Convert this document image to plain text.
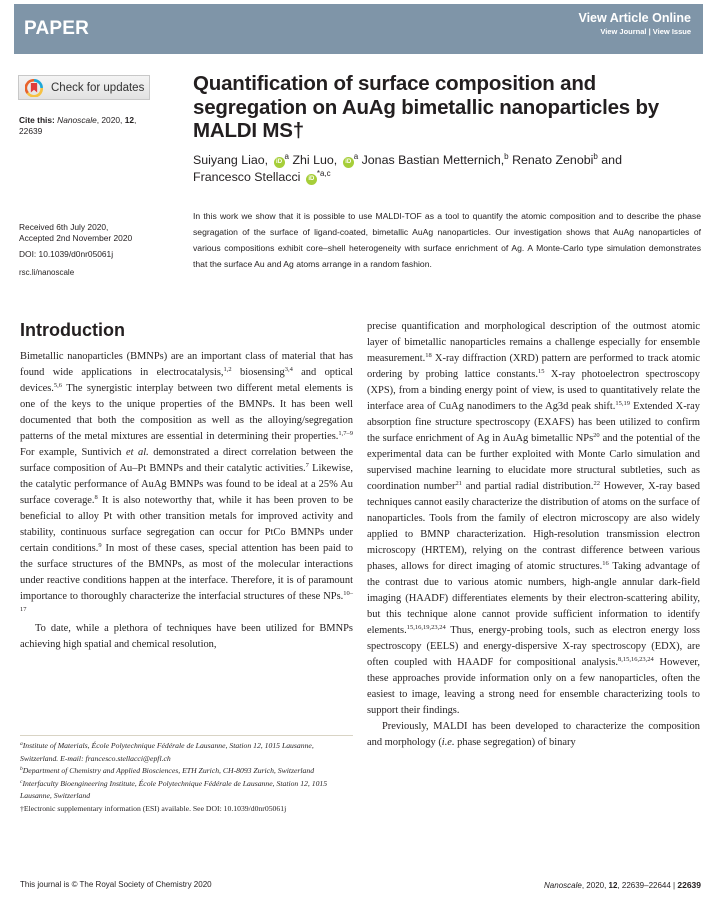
PAPER	View Article Online
View Journal | View Issue
Check for updates
Cite this: Nanoscale, 2020, 12,
22639
Quantification of surface composition and segregation on AuAg bimetallic nanoparticles by MALDI MS†
Suiyang Liao, $iD^a$ Zhi Luo, $iD^a$ Jonas Bastian Metternich,$^b$ Renato Zenobi$^b$ and
Francesco Stellacci iD$^{*a,c}$
Received 6th July 2020,
Accepted 2nd November 2020
DOI: 10.1039/d0nr05061j
rsc.li/nanoscale

In this work we show that it is possible to use MALDI-TOF as a tool to quantify the atomic composition and to describe the phase segragation of the surface of ligand-coated, bimetallic AuAg nanoparticles. Our investigation shows that AuAg nanoparticles of various compositions exhibit core–shell heterogeneity with surface enrichment of Ag. A Monte-Carlo type simulation demonstrates that the surface Au and Ag atoms arrange in a random fashion.

Introduction

Bimetallic nanoparticles (BMNPs) are an important class of material that has found wide applications in electrocatalysis,$^{1,2}$ biosensing$^{3,4}$ and optical devices.$^{5,6}$ The synergistic interplay between two different metal elements is one of the keys to the unique properties of the BMNPs. It has been well documented that both the composition as well as the alloying/segregation patterns of the metal mixtures are essential in determining their properties.$^{1,7-9}$ For example, Suntivich et al. demonstrated a direct correlation between the surface composition of Au–Pt BMNPs and their catalytic activities.$^7$ Likewise, the catalytic performance of AuAg BMNPs was found to be ideal at a 25% Au surface coverage.$^8$ It is also noteworthy that, while it has been proven to be beneficial to alloy Pt with other transition metals for improved activity and stability, continuous surface segregation can occur for PtCo BMNPs under certain conditions.$^9$ In most of these cases, special attention has been paid to the surface structures of the BMNPs, as most of the molecular interactions under reactive conditions happen at the interface. Therefore, it is of paramount importance to thoroughly characterize the interfacial structures of these NPs.$^{10-17}$

To date, while a plethora of techniques have been utilized for BMNPs achieving high spatial and chemical resolution,

precise quantification and morphological description of the outmost atomic layer of bimetallic nanoparticles remains a challenge especially for ensemble measurement.$^{18}$ X-ray diffraction (XRD) pattern are performed to track atomic ordering by probing lattice constants.$^{15}$ X-ray photoelectron spectroscopy (XPS), from a binding energy point of view, is used to quantitatively relate the interface area of CuAg nanodimers to the Ag3d peak shift.$^{15,19}$ Extended X-ray absorption fine structure spectroscopy (EXAFS) has been utilized to confirm the surface enrichment of Ag in AuAg bimetallic NPs$^{20}$ and the potential of the experimental data can be further exploited with Monte Carlo simulation and supervised machine learning to elucidate more structural subtleties, such as coordination number$^{21}$ and partial radial distribution.$^{22}$ However, X-ray based techniques cannot easily characterize the distribution of atoms on the surface of nanoparticles. Tools from the family of electron microscopy are also widely applied to BMNP characterization. High-resolution transmission electron microscopy (HRTEM), relying on the contrast difference between various phases, allows for direct imaging of atomic structures.$^{16}$ Taking advantage of the contrast due to various atomic numbers, high-angle annular dark-field imaging (HAADF) differentiates elements by their electron-scattering ability, but this technique alone cannot provide sufficient information to identify elements.$^{15,16,19,23,24}$ Thus, energy-probing tools, such as electron energy loss spectroscopy (EELS) and energy-dispersive X-ray spectroscopy (EDX), are often coupled with HAADF for compositional analysis.$^{8,15,16,23,24}$ However, these approaches provide information only on a few nanoparticles, often the easiest to image, leaving a strong need for ensemble characterizing tools to support their findings.

Previously, MALDI has been developed to characterize the composition and morphology (i.e. phase segregation) of binary

$^a$Institute of Materials, École Polytechnique Fédérale de Lausanne, Station 12, 1015 Lausanne, Switzerland. E-mail: francesco.stellacci@epfl.ch
$^b$Department of Chemistry and Applied Biosciences, ETH Zurich, CH-8093 Zurich, Switzerland
$^c$Interfaculty Bioengineering Institute, École Polytechnique Fédérale de Lausanne, Station 12, 1015 Lausanne, Switzerland
†Electronic supplementary information (ESI) available. See DOI: 10.1039/d0nr05061j
This journal is © The Royal Society of Chemistry 2020	Nanoscale, 2020, 12, 22639–22644 | 22639
